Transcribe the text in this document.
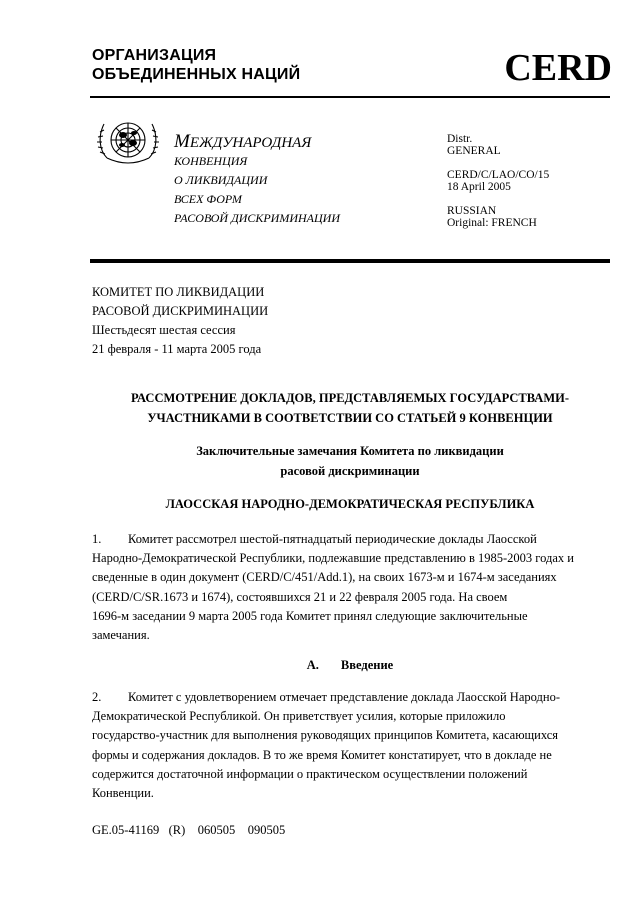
ОРГАНИЗАЦИЯ
ОБЪЕДИНЕННЫХ НАЦИЙ	CERD
МЕЖДУНАРОДНАЯ
КОНВЕНЦИЯ
О ЛИКВИДАЦИИ
ВСЕХ ФОРМ
РАСОВОЙ ДИСКРИМИНАЦИИ
Distr.
GENERAL
CERD/C/LAO/CO/15
18 April 2005
RUSSIAN
Original: FRENCH
КОМИТЕТ ПО ЛИКВИДАЦИИ
РАСОВОЙ ДИСКРИМИНАЦИИ
Шестьдесят шестая сессия
21 февраля - 11 марта 2005 года
РАССМОТРЕНИЕ ДОКЛАДОВ, ПРЕДСТАВЛЯЕМЫХ ГОСУДАРСТВАМИ-
УЧАСТНИКАМИ В СООТВЕТСТВИИ СО СТАТЬЕЙ 9 КОНВЕНЦИИ
Заключительные замечания Комитета по ликвидации
расовой дискриминации
ЛАОССКАЯ НАРОДНО-ДЕМОКРАТИЧЕСКАЯ РЕСПУБЛИКА
1. Комитет рассмотрел шестой-пятнадцатый периодические доклады Лаосской
Народно-Демократической Республики, подлежавшие представлению в 1985-2003 годах и
сведенные в один документ (CERD/C/451/Add.1), на своих 1673-м и 1674-м заседаниях
(CERD/C/SR.1673 и 1674), состоявшихся 21 и 22 февраля 2005 года. На своем
1696-м заседании 9 марта 2005 года Комитет принял следующие заключительные
замечания.
A. Введение
2. Комитет с удовлетворением отмечает представление доклада Лаосской Народно-
Демократической Республикой. Он приветствует усилия, которые приложило
государство-участник для выполнения руководящих принципов Комитета, касающихся
формы и содержания докладов. В то же время Комитет констатирует, что в докладе не
содержится достаточной информации о практическом осуществлении положений
Конвенции.
GE.05-41169   (R)    060505    090505
